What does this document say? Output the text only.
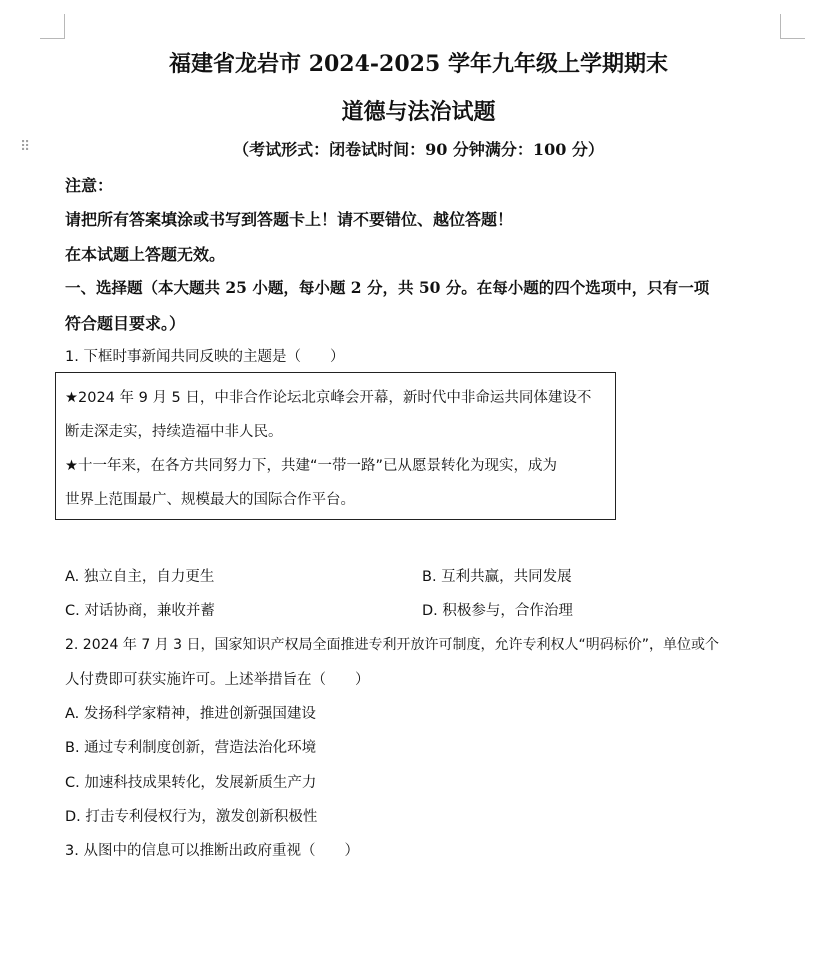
⠿
福建省龙岩市 2024-2025 学年九年级上学期期末
道德与法治试题
（考试形式：闭卷试时间：90 分钟满分：100 分）
注意：
请把所有答案填涂或书写到答题卡上！请不要错位、越位答题！
在本试题上答题无效。
一、选择题（本大题共 25 小题，每小题 2 分，共 50 分。在每小题的四个选项中，只有一项
符合题目要求。）
1. 下框时事新闻共同反映的主题是（　　）
★2024 年 9 月 5 日，中非合作论坛北京峰会开幕，新时代中非命运共同体建设不
断走深走实，持续造福中非人民。
★十一年来，在各方共同努力下，共建“一带一路”已从愿景转化为现实，成为
世界上范围最广、规模最大的国际合作平台。
A. 独立自主，自力更生	B. 互利共赢，共同发展
C. 对话协商，兼收并蓄	D. 积极参与，合作治理
2. 2024 年 7 月 3 日，国家知识产权局全面推进专利开放许可制度，允许专利权人“明码标价”，单位或个
人付费即可获实施许可。上述举措旨在（　　）
A. 发扬科学家精神，推进创新强国建设
B. 通过专利制度创新，营造法治化环境
C. 加速科技成果转化，发展新质生产力
D. 打击专利侵权行为，激发创新积极性
3. 从图中的信息可以推断出政府重视（　　）
